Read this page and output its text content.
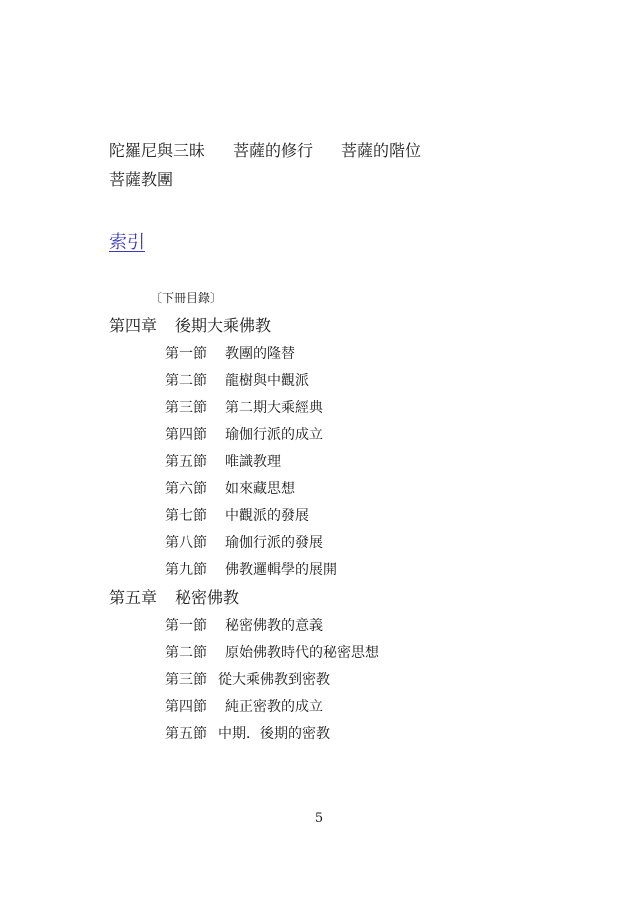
陀羅尼與三昧 菩薩的修行 菩薩的階位
菩薩教團
索引
〔下冊目錄〕
第四章 後期大乘佛教
第一節 教團的隆替
第二節 龍樹與中觀派
第三節 第二期大乘經典
第四節 瑜伽行派的成立
第五節 唯識教理
第六節 如來藏思想
第七節 中觀派的發展
第八節 瑜伽行派的發展
第九節 佛教邏輯學的展開
第五章 秘密佛教
第一節 秘密佛教的意義
第二節 原始佛教時代的秘密思想
第三節 從大乘佛教到密教
第四節 純正密教的成立
第五節 中期．後期的密教
5
